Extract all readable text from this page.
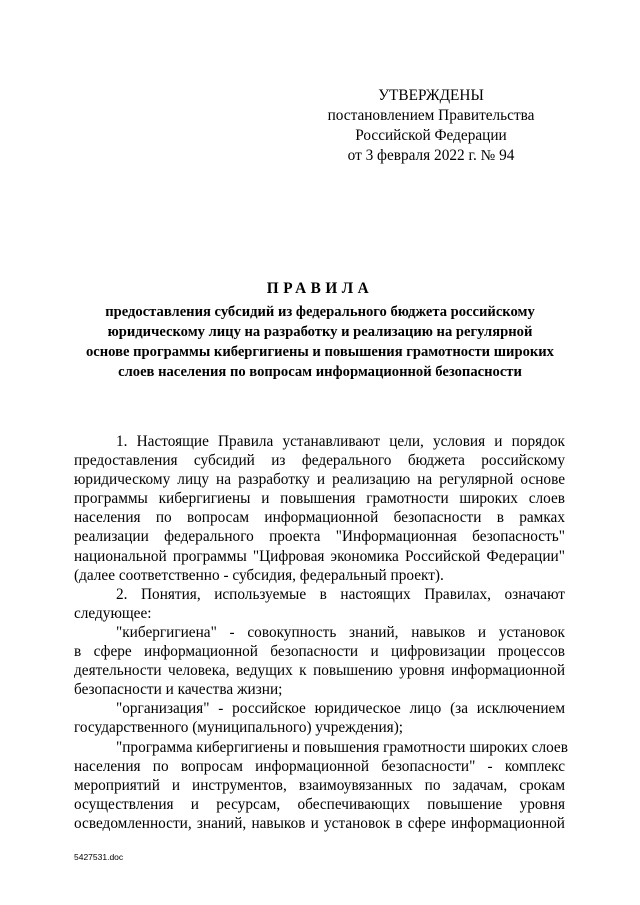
УТВЕРЖДЕНЫ
постановлением Правительства
Российской Федерации
от 3 февраля 2022 г. № 94
ПРАВИЛА
предоставления субсидий из федерального бюджета российскому
юридическому лицу на разработку и реализацию на регулярной
основе программы кибергигиены и повышения грамотности широких
слоев населения по вопросам информационной безопасности
1. Настоящие Правила устанавливают цели, условия и порядок
предоставления субсидий из федерального бюджета российскому
юридическому лицу на разработку и реализацию на регулярной основе
программы кибергигиены и повышения грамотности широких слоев
населения по вопросам информационной безопасности в рамках
реализации федерального проекта "Информационная безопасность"
национальной программы "Цифровая экономика Российской Федерации"
(далее соответственно - субсидия, федеральный проект).
2. Понятия, используемые в настоящих Правилах, означают
следующее:
"кибергигиена" - совокупность знаний, навыков и установок
в сфере информационной безопасности и цифровизации процессов
деятельности человека, ведущих к повышению уровня информационной
безопасности и качества жизни;
"организация" - российское юридическое лицо (за исключением
государственного (муниципального) учреждения);
"программа кибергигиены и повышения грамотности широких слоев
населения по вопросам информационной безопасности" - комплекс
мероприятий и инструментов, взаимоувязанных по задачам, срокам
осуществления и ресурсам, обеспечивающих повышение уровня
осведомленности, знаний, навыков и установок в сфере информационной
5427531.doc
